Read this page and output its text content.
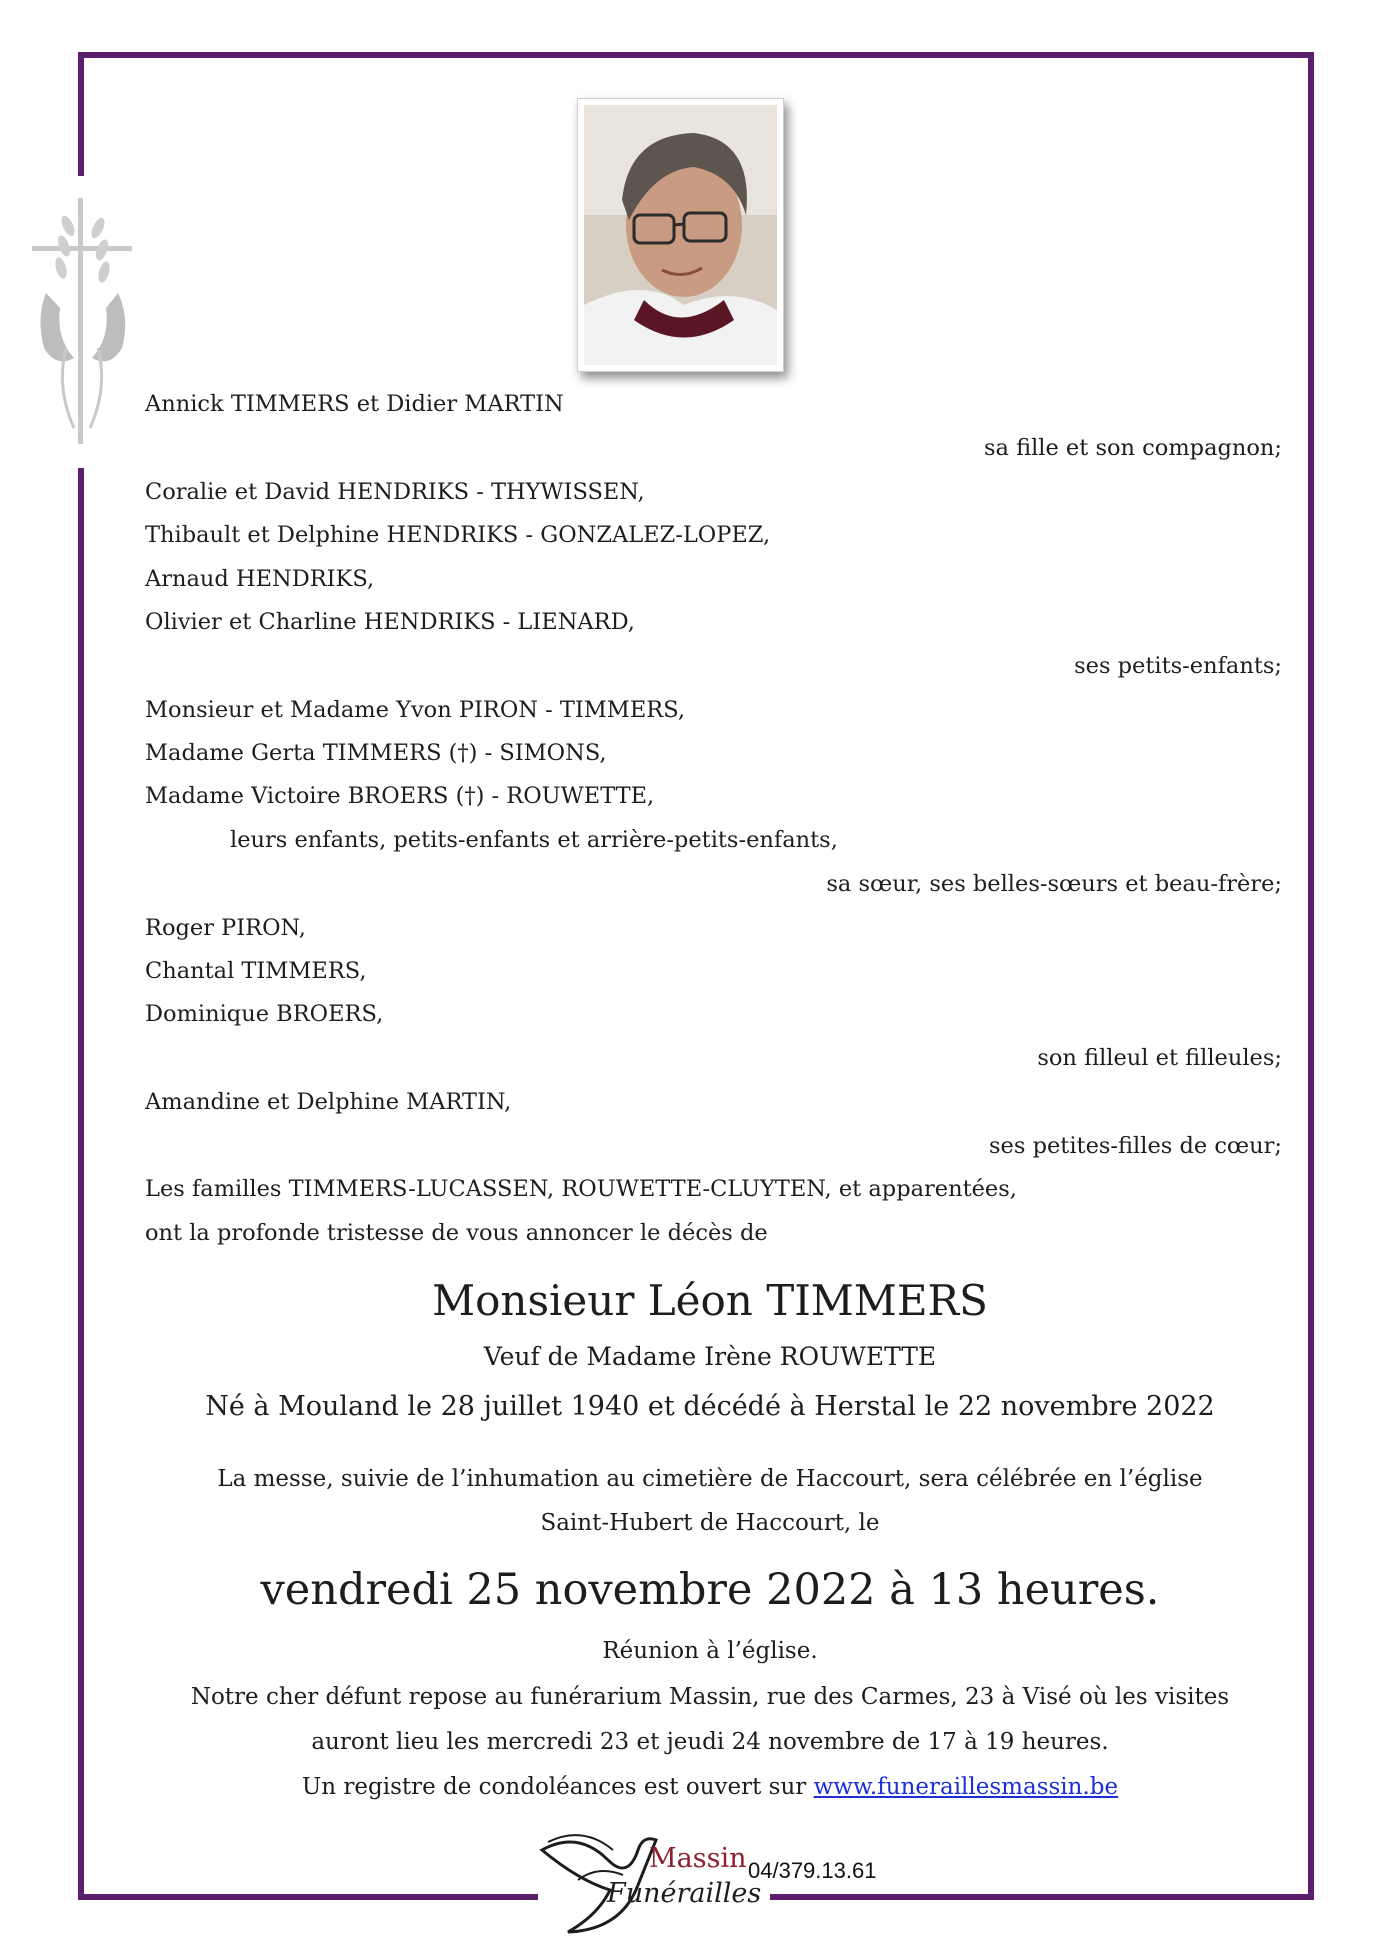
Annick TIMMERS et Didier MARTIN

sa fille et son compagnon;

Coralie et David HENDRIKS - THYWISSEN,

Thibault et Delphine HENDRIKS - GONZALEZ-LOPEZ,

Arnaud HENDRIKS,

Olivier et Charline HENDRIKS - LIENARD,

ses petits-enfants;

Monsieur et Madame Yvon PIRON - TIMMERS,

Madame Gerta TIMMERS (†) - SIMONS,

Madame Victoire BROERS (†) - ROUWETTE,

leurs enfants, petits-enfants et arrière-petits-enfants,

sa sœur, ses belles-sœurs et beau-frère;

Roger PIRON,

Chantal TIMMERS,

Dominique BROERS,

son filleul et filleules;

Amandine et Delphine MARTIN,

ses petites-filles de cœur;

Les familles TIMMERS-LUCASSEN, ROUWETTE-CLUYTEN, et apparentées,

ont la profonde tristesse de vous annoncer le décès de

Monsieur Léon TIMMERS

Veuf de Madame Irène ROUWETTE

Né à Mouland le 28 juillet 1940 et décédé à Herstal le 22 novembre 2022

La messe, suivie de l’inhumation au cimetière de Haccourt, sera célébrée en l’église

Saint-Hubert de Haccourt, le

vendredi 25 novembre 2022 à 13 heures.

Réunion à l’église.

Notre cher défunt repose au funérarium Massin, rue des Carmes, 23 à Visé où les visites

auront lieu les mercredi 23 et jeudi 24 novembre de 17 à 19 heures.

Un registre de condoléances est ouvert sur www.funeraillesmassin.be

Massin
Funérailles
04/379.13.61
